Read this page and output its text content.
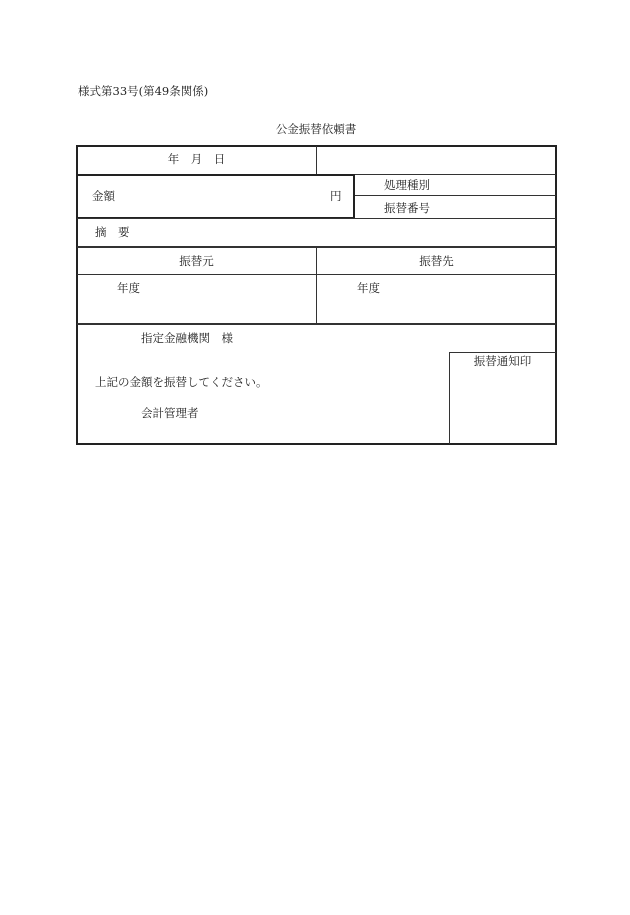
様式第33号(第49条関係)
公金振替依頼書
年　月　日
金額	円
処理種別
振替番号
摘　要
振替元	振替先
年度	年度
指定金融機関　様
振替通知印
上記の金額を振替してください。
会計管理者
